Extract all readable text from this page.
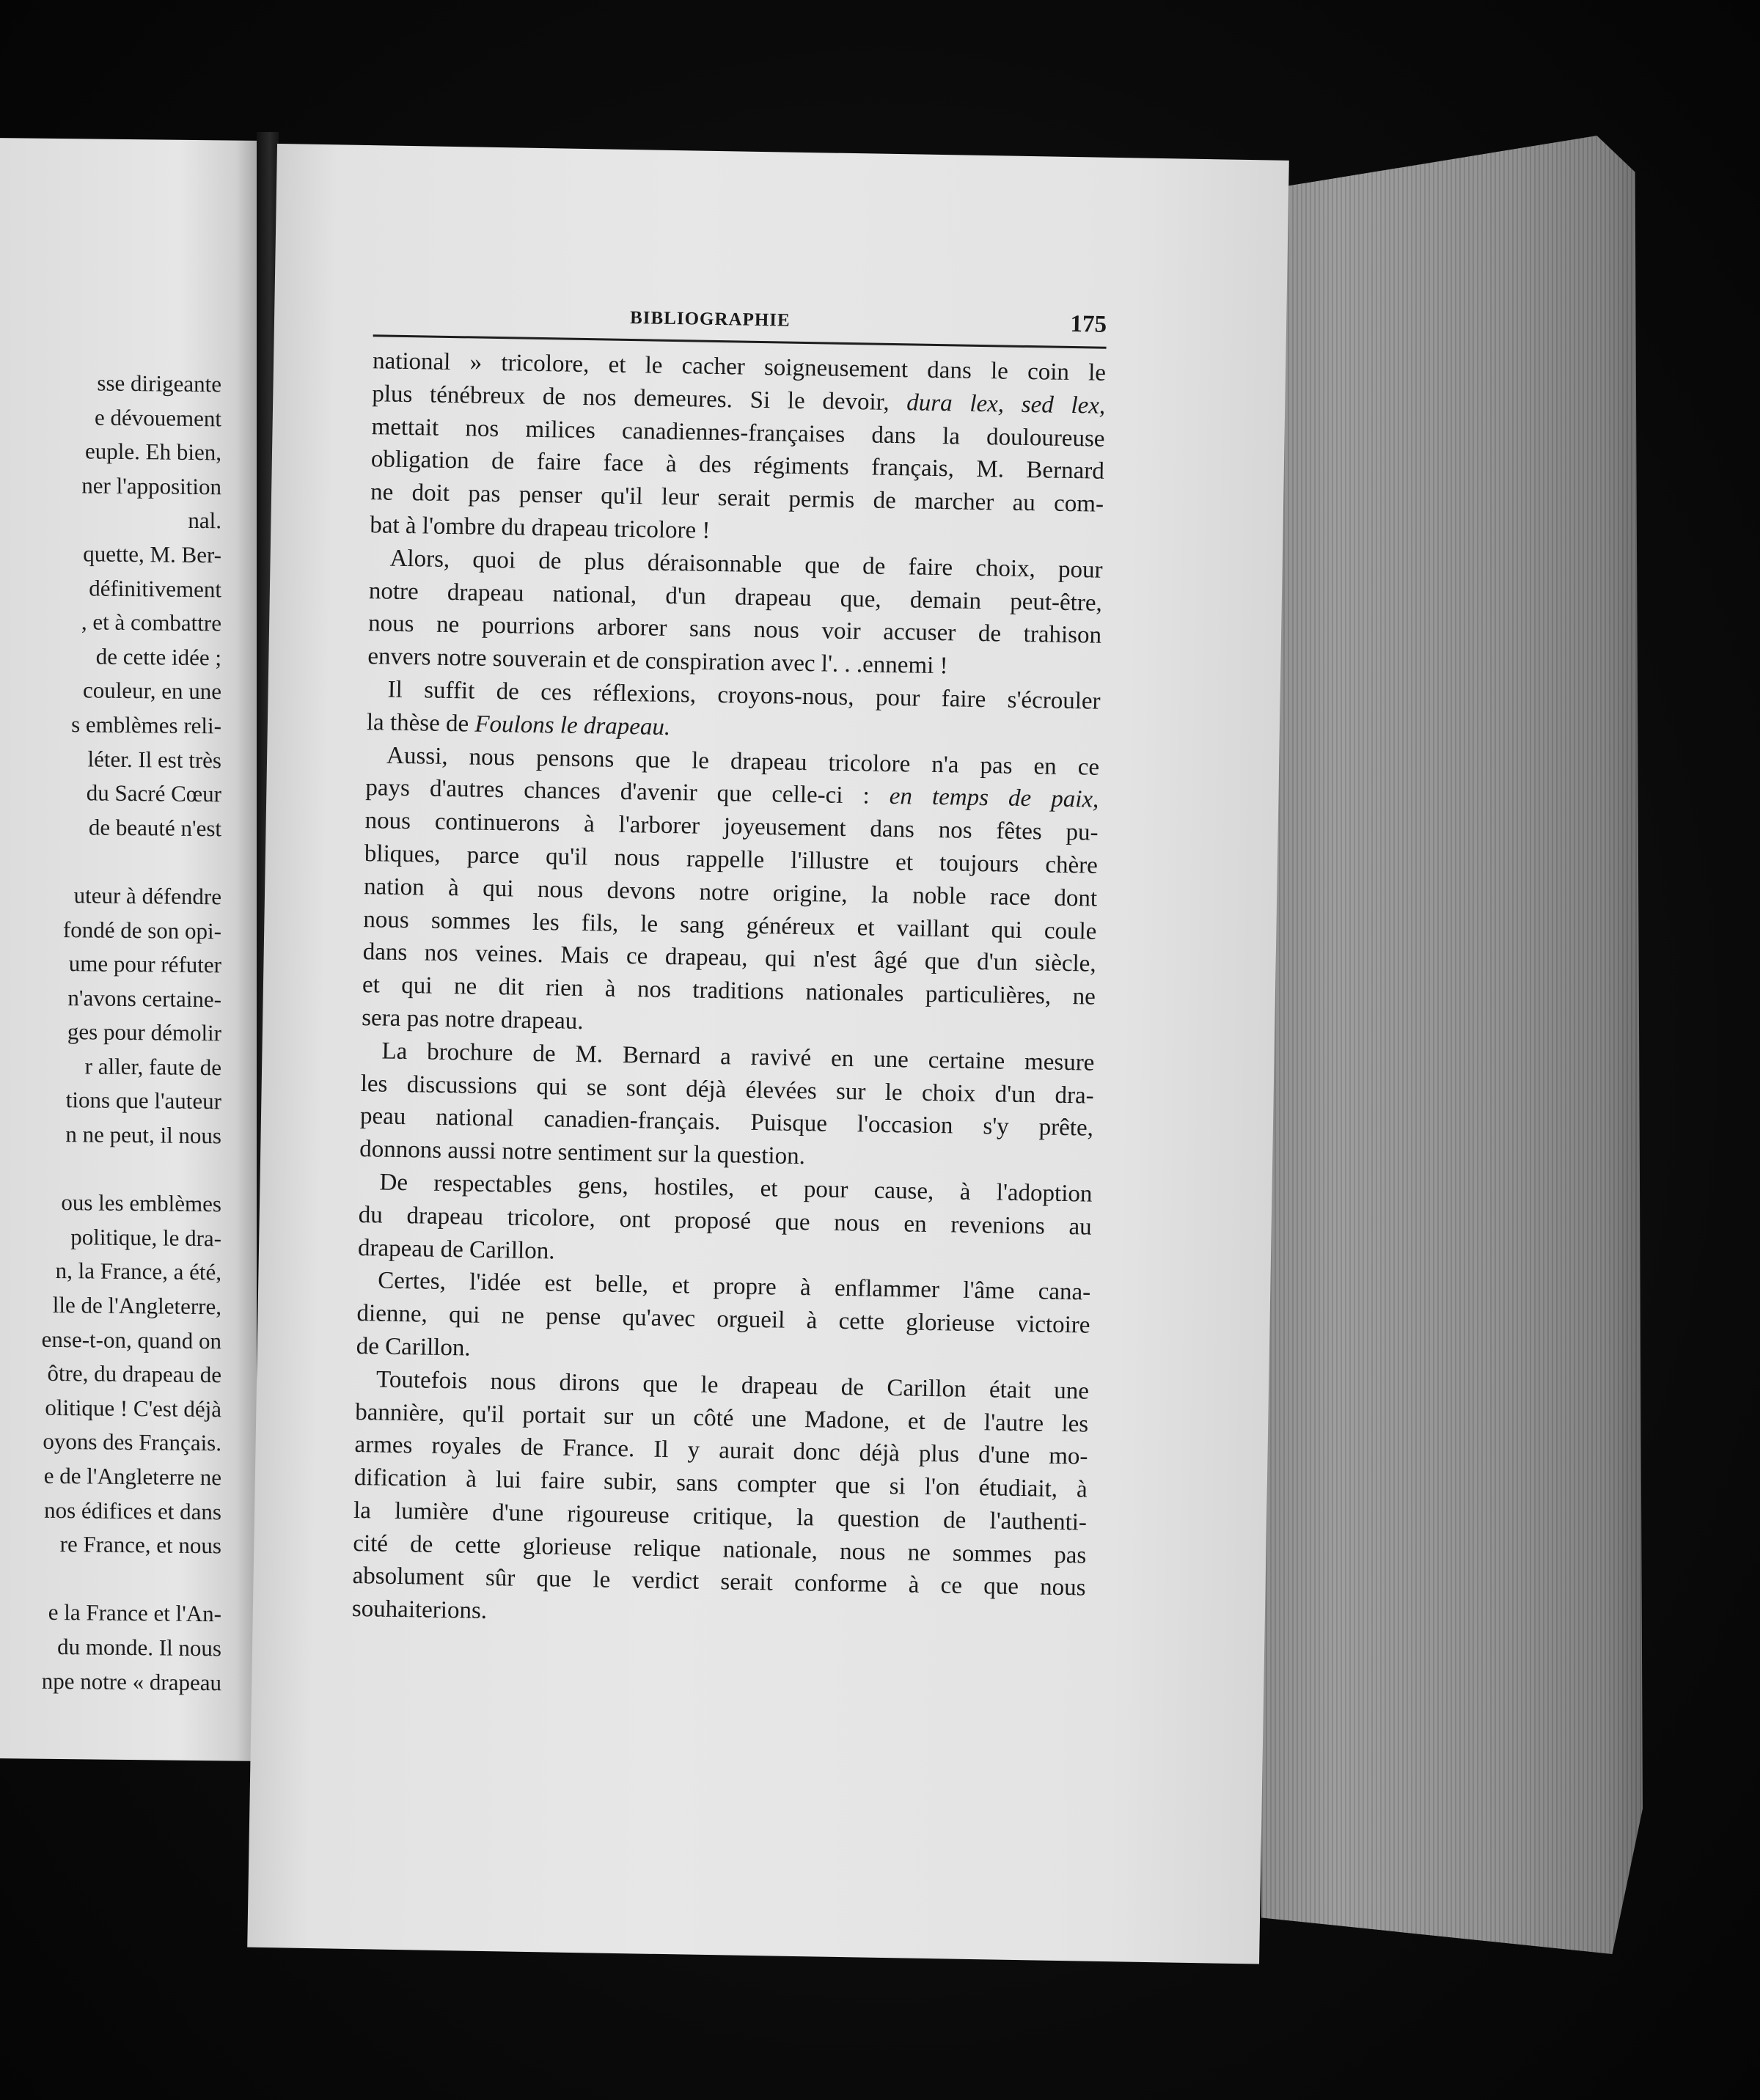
sse dirigeante
e dévouement
euple. Eh bien,
ner l'apposition
nal.
quette, M. Ber-
définitivement
, et à combattre
de cette idée ;
couleur, en une
s emblèmes reli-
léter. Il est très
du Sacré Cœur
de beauté n'est
uteur à défendre
fondé de son opi-
ume pour réfuter
n'avons certaine-
ges pour démolir
r aller, faute de
tions que l'auteur
n ne peut, il nous
ous les emblèmes
politique, le dra-
n, la France, a été,
lle de l'Angleterre,
ense-t-on, quand on
ôtre, du drapeau de
olitique ! C'est déjà
oyons des Français.
e de l'Angleterre ne
nos édifices et dans
re France, et nous
e la France et l'An-
du monde. Il nous
npe notre « drapeau
BIBLIOGRAPHIE	175
national » tricolore, et le cacher soigneusement dans le coin le
plus ténébreux de nos demeures. Si le devoir, dura lex, sed lex,
mettait nos milices canadiennes-françaises dans la douloureuse
obligation de faire face à des régiments français, M. Bernard
ne doit pas penser qu'il leur serait permis de marcher au com-
bat à l'ombre du drapeau tricolore !
Alors, quoi de plus déraisonnable que de faire choix, pour
notre drapeau national, d'un drapeau que, demain peut-être,
nous ne pourrions arborer sans nous voir accuser de trahison
envers notre souverain et de conspiration avec l'. . .ennemi !
Il suffit de ces réflexions, croyons-nous, pour faire s'écrouler
la thèse de Foulons le drapeau.
Aussi, nous pensons que le drapeau tricolore n'a pas en ce
pays d'autres chances d'avenir que celle-ci : en temps de paix,
nous continuerons à l'arborer joyeusement dans nos fêtes pu-
bliques, parce qu'il nous rappelle l'illustre et toujours chère
nation à qui nous devons notre origine, la noble race dont
nous sommes les fils, le sang généreux et vaillant qui coule
dans nos veines. Mais ce drapeau, qui n'est âgé que d'un siècle,
et qui ne dit rien à nos traditions nationales particulières, ne
sera pas notre drapeau.
La brochure de M. Bernard a ravivé en une certaine mesure
les discussions qui se sont déjà élevées sur le choix d'un dra-
peau national canadien-français. Puisque l'occasion s'y prête,
donnons aussi notre sentiment sur la question.
De respectables gens, hostiles, et pour cause, à l'adoption
du drapeau tricolore, ont proposé que nous en revenions au
drapeau de Carillon.
Certes, l'idée est belle, et propre à enflammer l'âme cana-
dienne, qui ne pense qu'avec orgueil à cette glorieuse victoire
de Carillon.
Toutefois nous dirons que le drapeau de Carillon était une
bannière, qu'il portait sur un côté une Madone, et de l'autre les
armes royales de France. Il y aurait donc déjà plus d'une mo-
dification à lui faire subir, sans compter que si l'on étudiait, à
la lumière d'une rigoureuse critique, la question de l'authenti-
cité de cette glorieuse relique nationale, nous ne sommes pas
absolument sûr que le verdict serait conforme à ce que nous
souhaiterions.
